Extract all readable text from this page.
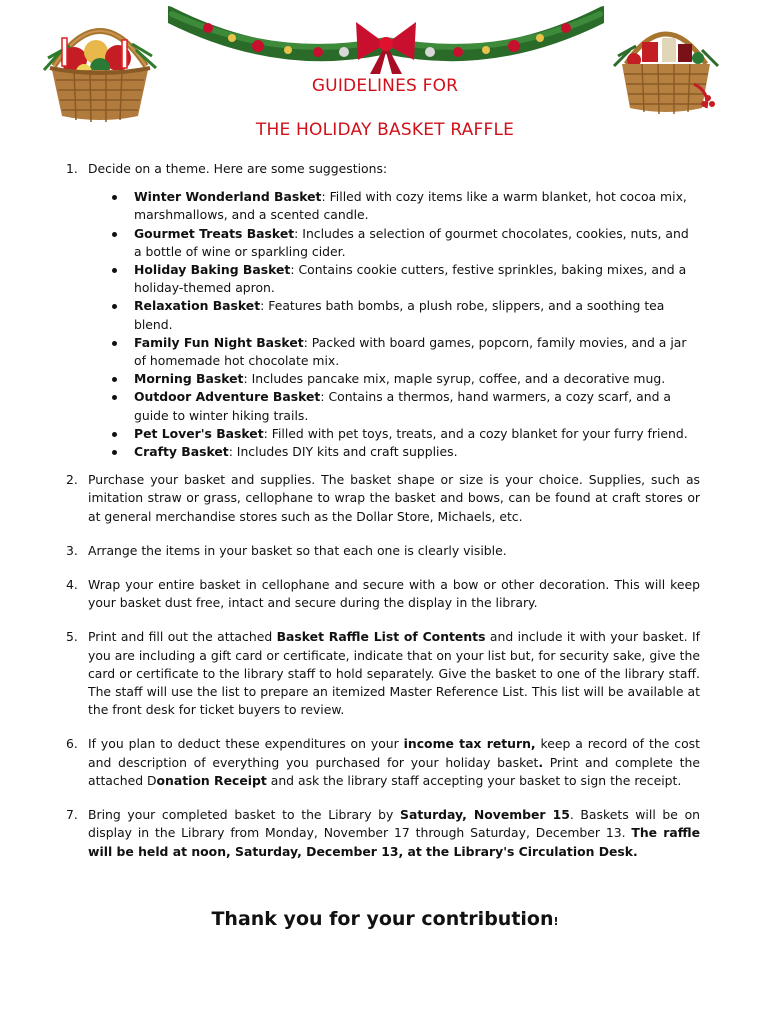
GUIDELINES FOR
THE HOLIDAY BASKET RAFFLE
1. Decide on a theme. Here are some suggestions:
Winter Wonderland Basket: Filled with cozy items like a warm blanket, hot cocoa mix, marshmallows, and a scented candle.
Gourmet Treats Basket: Includes a selection of gourmet chocolates, cookies, nuts, and a bottle of wine or sparkling cider.
Holiday Baking Basket: Contains cookie cutters, festive sprinkles, baking mixes, and a holiday-themed apron.
Relaxation Basket: Features bath bombs, a plush robe, slippers, and a soothing tea blend.
Family Fun Night Basket: Packed with board games, popcorn, family movies, and a jar of homemade hot chocolate mix.
Morning Basket: Includes pancake mix, maple syrup, coffee, and a decorative mug.
Outdoor Adventure Basket: Contains a thermos, hand warmers, a cozy scarf, and a guide to winter hiking trails.
Pet Lover's Basket: Filled with pet toys, treats, and a cozy blanket for your furry friend.
Crafty Basket: Includes DIY kits and craft supplies.

2. Purchase your basket and supplies. The basket shape or size is your choice. Supplies, such as imitation straw or grass, cellophane to wrap the basket and bows, can be found at craft stores or at general merchandise stores such as the Dollar Store, Michaels, etc.

3. Arrange the items in your basket so that each one is clearly visible.

4. Wrap your entire basket in cellophane and secure with a bow or other decoration. This will keep your basket dust free, intact and secure during the display in the library.

5. Print and fill out the attached Basket Raffle List of Contents and include it with your basket. If you are including a gift card or certificate, indicate that on your list but, for security sake, give the card or certificate to the library staff to hold separately. Give the basket to one of the library staff. The staff will use the list to prepare an itemized Master Reference List. This list will be available at the front desk for ticket buyers to review.

6. If you plan to deduct these expenditures on your income tax return, keep a record of the cost and description of everything you purchased for your holiday basket. Print and complete the attached Donation Receipt and ask the library staff accepting your basket to sign the receipt.

7. Bring your completed basket to the Library by Saturday, November 15. Baskets will be on display in the Library from Monday, November 17 through Saturday, December 13. The raffle will be held at noon, Saturday, December 13, at the Library's Circulation Desk.

Thank you for your contribution!
